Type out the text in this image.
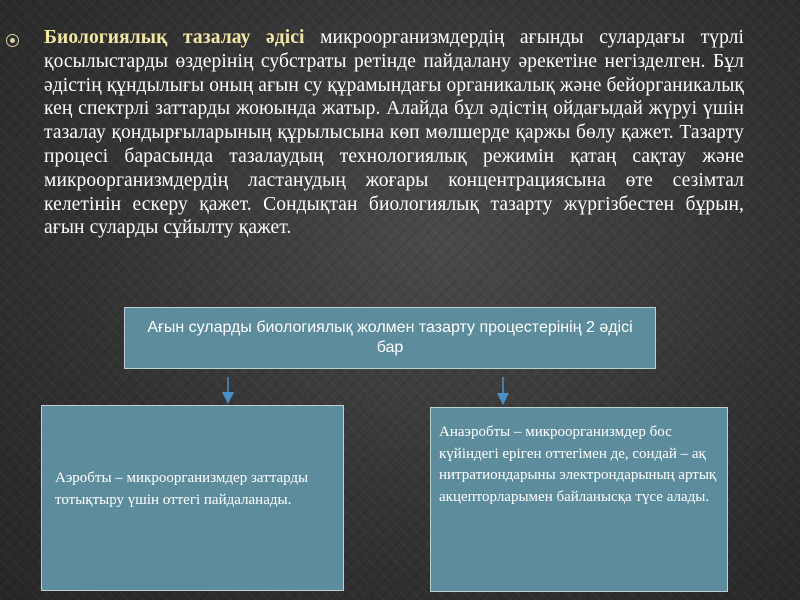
Биологиялық тазалау әдісі микроорганизмдердің ағынды сулардағы түрлі қосылыстарды өздерінің субстраты ретінде пайдалану әрекетіне негізделген. Бұл әдістің құндылығы оның ағын су құрамындағы органикалық және бейорганикалық кең спектрлі заттарды жоюында жатыр. Алайда бұл әдістің ойдағыдай жүруі үшін тазалау қондырғыларының құрылысына көп мөлшерде қаржы бөлу қажет. Тазарту процесі барасында тазалаудың технологиялық режимін қатаң сақтау және микроорганизмдердің ластанудың жоғары концентрациясына өте сезімтал келетінін ескеру қажет. Сондықтан биологиялық тазарту жүргізбестен бұрын, ағын суларды сұйылту қажет.

Ағын суларды биологиялық жолмен тазарту процестерінің 2 әдісі бар
Аэробты – микроорганизмдер заттарды тотықтыру үшін оттегі пайдаланады.
Анаэробты – микроорганизмдер бос күйіндегі ерігeн оттегімен де, сондай – ақ нитратиондарыны электрондарының артық акцепторларымен байланысқа түсе алады.
